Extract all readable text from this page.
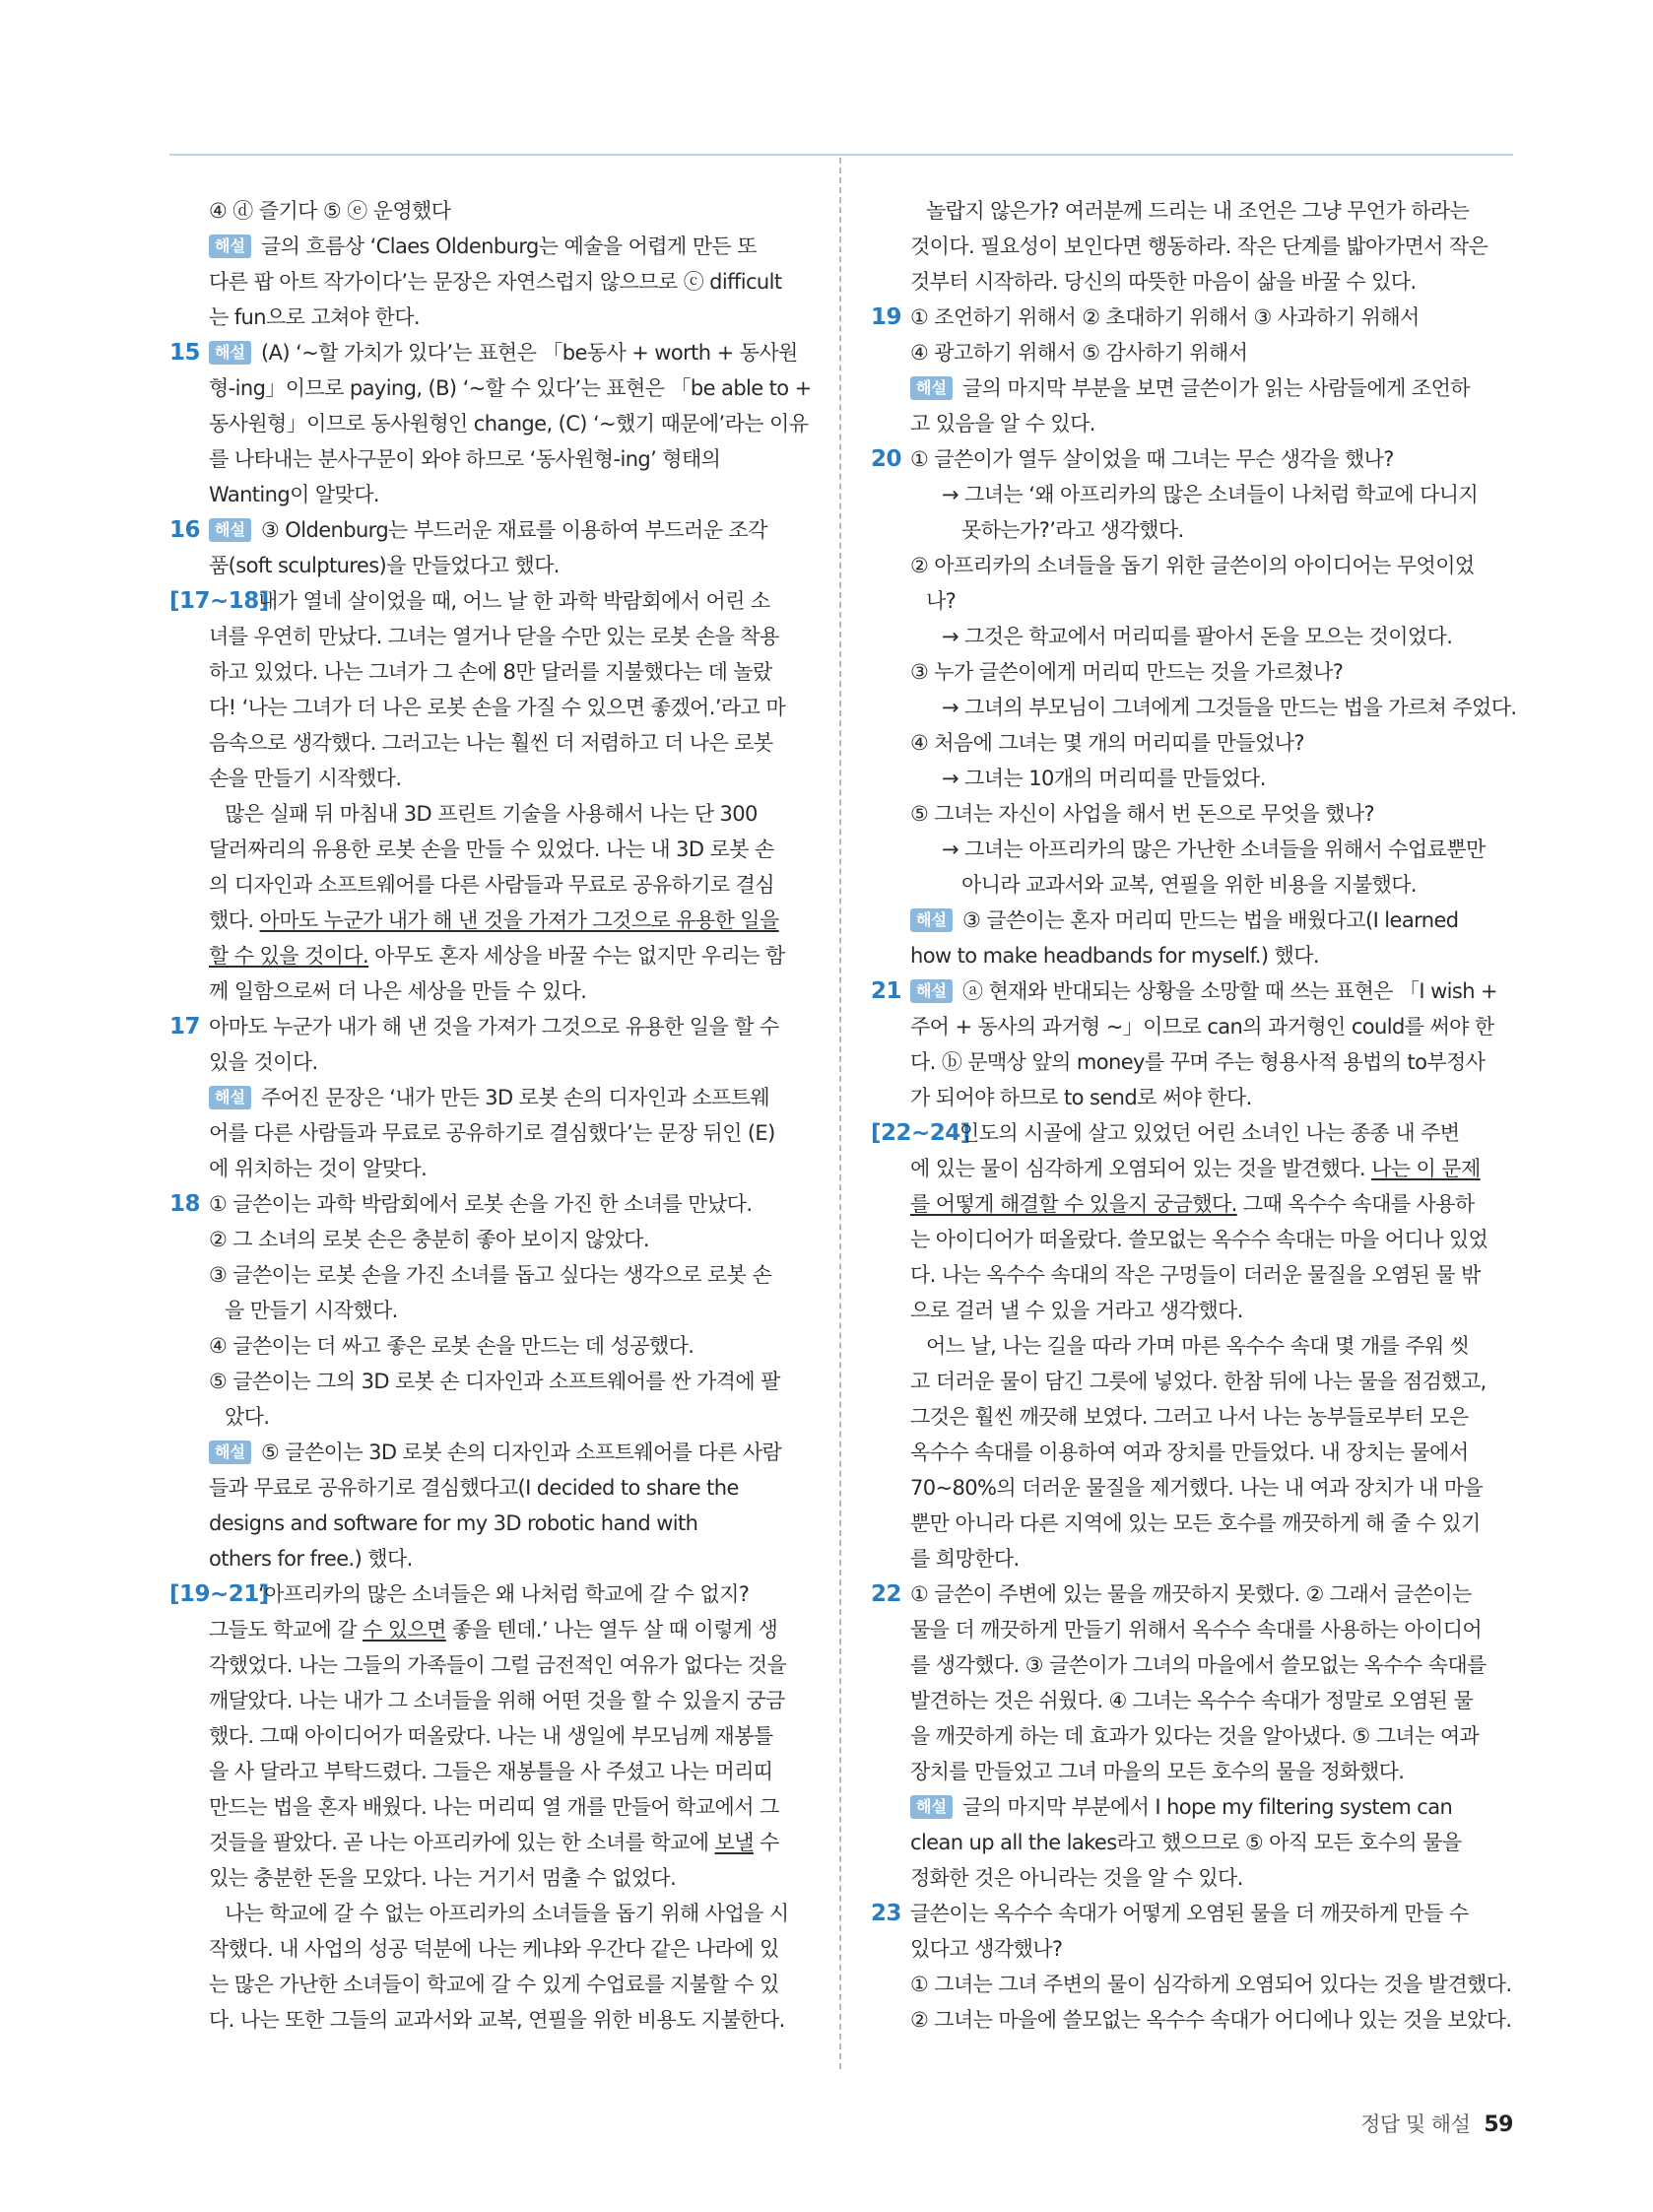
④ ⓓ 즐기다 ⑤ ⓔ 운영했다
해설 글의 흐름상 ‘Claes Oldenburg는 예술을 어렵게 만든 또
다른 팝 아트 작가이다’는 문장은 자연스럽지 않으므로 ⓒ difficult
는 fun으로 고쳐야 한다.
15 해설 (A) ‘~할 가치가 있다’는 표현은 「be동사 + worth + 동사원
형-ing」이므로 paying, (B) ‘~할 수 있다’는 표현은 「be able to +
동사원형」이므로 동사원형인 change, (C) ‘~했기 때문에’라는 이유
를 나타내는 분사구문이 와야 하므로 ‘동사원형-ing’ 형태의
Wanting이 알맞다.
16 해설 ③ Oldenburg는 부드러운 재료를 이용하여 부드러운 조각
품(soft sculptures)을 만들었다고 했다.
[17~18]
내가 열네 살이었을 때, 어느 날 한 과학 박람회에서 어린 소
녀를 우연히 만났다. 그녀는 열거나 닫을 수만 있는 로봇 손을 착용
하고 있었다. 나는 그녀가 그 손에 8만 달러를 지불했다는 데 놀랐
다! ‘나는 그녀가 더 나은 로봇 손을 가질 수 있으면 좋겠어.’라고 마
음속으로 생각했다. 그러고는 나는 훨씬 더 저렴하고 더 나은 로봇
손을 만들기 시작했다.
많은 실패 뒤 마침내 3D 프린트 기술을 사용해서 나는 단 300
달러짜리의 유용한 로봇 손을 만들 수 있었다. 나는 내 3D 로봇 손
의 디자인과 소프트웨어를 다른 사람들과 무료로 공유하기로 결심
했다. 아마도 누군가 내가 해 낸 것을 가져가 그것으로 유용한 일을
할 수 있을 것이다. 아무도 혼자 세상을 바꿀 수는 없지만 우리는 함
께 일함으로써 더 나은 세상을 만들 수 있다.
17 아마도 누군가 내가 해 낸 것을 가져가 그것으로 유용한 일을 할 수
있을 것이다.
해설 주어진 문장은 ‘내가 만든 3D 로봇 손의 디자인과 소프트웨
어를 다른 사람들과 무료로 공유하기로 결심했다’는 문장 뒤인 (E)
에 위치하는 것이 알맞다.
18 ① 글쓴이는 과학 박람회에서 로봇 손을 가진 한 소녀를 만났다.
② 그 소녀의 로봇 손은 충분히 좋아 보이지 않았다.
③ 글쓴이는 로봇 손을 가진 소녀를 돕고 싶다는 생각으로 로봇 손
을 만들기 시작했다.
④ 글쓴이는 더 싸고 좋은 로봇 손을 만드는 데 성공했다.
⑤ 글쓴이는 그의 3D 로봇 손 디자인과 소프트웨어를 싼 가격에 팔
았다.
해설 ⑤ 글쓴이는 3D 로봇 손의 디자인과 소프트웨어를 다른 사람
들과 무료로 공유하기로 결심했다고(I decided to share the
designs and software for my 3D robotic hand with
others for free.) 했다.
[19~21]
‘아프리카의 많은 소녀들은 왜 나처럼 학교에 갈 수 없지?
그들도 학교에 갈 수 있으면 좋을 텐데.’ 나는 열두 살 때 이렇게 생
각했었다. 나는 그들의 가족들이 그럴 금전적인 여유가 없다는 것을
깨달았다. 나는 내가 그 소녀들을 위해 어떤 것을 할 수 있을지 궁금
했다. 그때 아이디어가 떠올랐다. 나는 내 생일에 부모님께 재봉틀
을 사 달라고 부탁드렸다. 그들은 재봉틀을 사 주셨고 나는 머리띠
만드는 법을 혼자 배웠다. 나는 머리띠 열 개를 만들어 학교에서 그
것들을 팔았다. 곧 나는 아프리카에 있는 한 소녀를 학교에 보낼 수
있는 충분한 돈을 모았다. 나는 거기서 멈출 수 없었다.
나는 학교에 갈 수 없는 아프리카의 소녀들을 돕기 위해 사업을 시
작했다. 내 사업의 성공 덕분에 나는 케냐와 우간다 같은 나라에 있
는 많은 가난한 소녀들이 학교에 갈 수 있게 수업료를 지불할 수 있
다. 나는 또한 그들의 교과서와 교복, 연필을 위한 비용도 지불한다.
놀랍지 않은가? 여러분께 드리는 내 조언은 그냥 무언가 하라는
것이다. 필요성이 보인다면 행동하라. 작은 단계를 밟아가면서 작은
것부터 시작하라. 당신의 따뜻한 마음이 삶을 바꿀 수 있다.
19 ① 조언하기 위해서 ② 초대하기 위해서 ③ 사과하기 위해서
④ 광고하기 위해서 ⑤ 감사하기 위해서
해설 글의 마지막 부분을 보면 글쓴이가 읽는 사람들에게 조언하
고 있음을 알 수 있다.
20 ① 글쓴이가 열두 살이었을 때 그녀는 무슨 생각을 했나?
→ 그녀는 ‘왜 아프리카의 많은 소녀들이 나처럼 학교에 다니지
못하는가?’라고 생각했다.
② 아프리카의 소녀들을 돕기 위한 글쓴이의 아이디어는 무엇이었
나?
→ 그것은 학교에서 머리띠를 팔아서 돈을 모으는 것이었다.
③ 누가 글쓴이에게 머리띠 만드는 것을 가르쳤나?
→ 그녀의 부모님이 그녀에게 그것들을 만드는 법을 가르쳐 주었다.
④ 처음에 그녀는 몇 개의 머리띠를 만들었나?
→ 그녀는 10개의 머리띠를 만들었다.
⑤ 그녀는 자신이 사업을 해서 번 돈으로 무엇을 했나?
→ 그녀는 아프리카의 많은 가난한 소녀들을 위해서 수업료뿐만
아니라 교과서와 교복, 연필을 위한 비용을 지불했다.
해설 ③ 글쓴이는 혼자 머리띠 만드는 법을 배웠다고(I learned
how to make headbands for myself.) 했다.
21 해설 ⓐ 현재와 반대되는 상황을 소망할 때 쓰는 표현은 「I wish +
주어 + 동사의 과거형 ~」이므로 can의 과거형인 could를 써야 한
다. ⓑ 문맥상 앞의 money를 꾸며 주는 형용사적 용법의 to부정사
가 되어야 하므로 to send로 써야 한다.
[22~24]
인도의 시골에 살고 있었던 어린 소녀인 나는 종종 내 주변
에 있는 물이 심각하게 오염되어 있는 것을 발견했다. 나는 이 문제
를 어떻게 해결할 수 있을지 궁금했다. 그때 옥수수 속대를 사용하
는 아이디어가 떠올랐다. 쓸모없는 옥수수 속대는 마을 어디나 있었
다. 나는 옥수수 속대의 작은 구멍들이 더러운 물질을 오염된 물 밖
으로 걸러 낼 수 있을 거라고 생각했다.
어느 날, 나는 길을 따라 가며 마른 옥수수 속대 몇 개를 주워 씻
고 더러운 물이 담긴 그릇에 넣었다. 한참 뒤에 나는 물을 점검했고,
그것은 훨씬 깨끗해 보였다. 그러고 나서 나는 농부들로부터 모은
옥수수 속대를 이용하여 여과 장치를 만들었다. 내 장치는 물에서
70~80%의 더러운 물질을 제거했다. 나는 내 여과 장치가 내 마을
뿐만 아니라 다른 지역에 있는 모든 호수를 깨끗하게 해 줄 수 있기
를 희망한다.
22 ① 글쓴이 주변에 있는 물을 깨끗하지 못했다. ② 그래서 글쓴이는
물을 더 깨끗하게 만들기 위해서 옥수수 속대를 사용하는 아이디어
를 생각했다. ③ 글쓴이가 그녀의 마을에서 쓸모없는 옥수수 속대를
발견하는 것은 쉬웠다. ④ 그녀는 옥수수 속대가 정말로 오염된 물
을 깨끗하게 하는 데 효과가 있다는 것을 알아냈다. ⑤ 그녀는 여과
장치를 만들었고 그녀 마을의 모든 호수의 물을 정화했다.
해설 글의 마지막 부분에서 I hope my filtering system can
clean up all the lakes라고 했으므로 ⑤ 아직 모든 호수의 물을
정화한 것은 아니라는 것을 알 수 있다.
23 글쓴이는 옥수수 속대가 어떻게 오염된 물을 더 깨끗하게 만들 수
있다고 생각했나?
① 그녀는 그녀 주변의 물이 심각하게 오염되어 있다는 것을 발견했다.
② 그녀는 마을에 쓸모없는 옥수수 속대가 어디에나 있는 것을 보았다.
정답 및 해설 59
